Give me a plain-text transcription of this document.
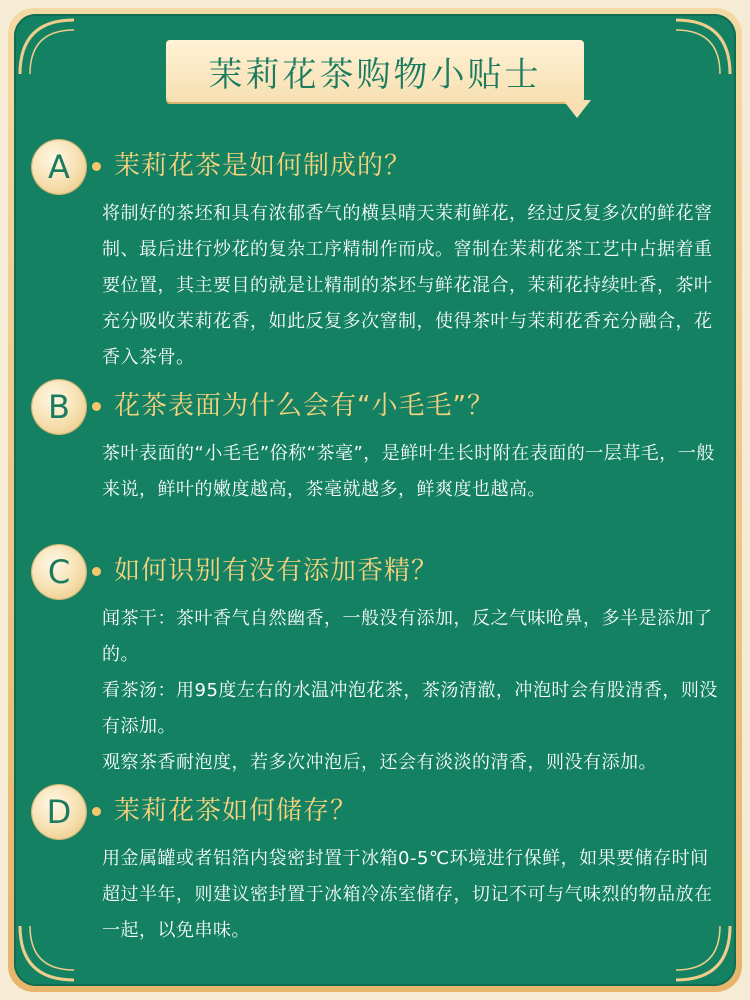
茉莉花茶购物小贴士
A	茉莉花茶是如何制成的？

将制好的茶坯和具有浓郁香气的横县晴天茉莉鲜花，经过反复多次的鲜花窨制、最后进行炒花的复杂工序精制作而成。窨制在茉莉花茶工艺中占据着重要位置，其主要目的就是让精制的茶坯与鲜花混合，茉莉花持续吐香，茶叶充分吸收茉莉花香，如此反复多次窨制，使得茶叶与茉莉花香充分融合，花香入茶骨。

B	花茶表面为什么会有“小毛毛”？

茶叶表面的“小毛毛”俗称“茶毫”，是鲜叶生长时附在表面的一层茸毛，一般来说，鲜叶的嫩度越高，茶毫就越多，鲜爽度也越高。

C	如何识别有没有添加香精？

闻茶干：茶叶香气自然幽香，一般没有添加，反之气味呛鼻，多半是添加了的。

看茶汤：用95度左右的水温冲泡花茶，茶汤清澈，冲泡时会有股清香，则没有添加。

观察茶香耐泡度，若多次冲泡后，还会有淡淡的清香，则没有添加。

D	茉莉花茶如何储存？

用金属罐或者铝箔内袋密封置于冰箱0-5℃环境进行保鲜，如果要储存时间超过半年，则建议密封置于冰箱冷冻室储存，切记不可与气味烈的物品放在一起，以免串味。
